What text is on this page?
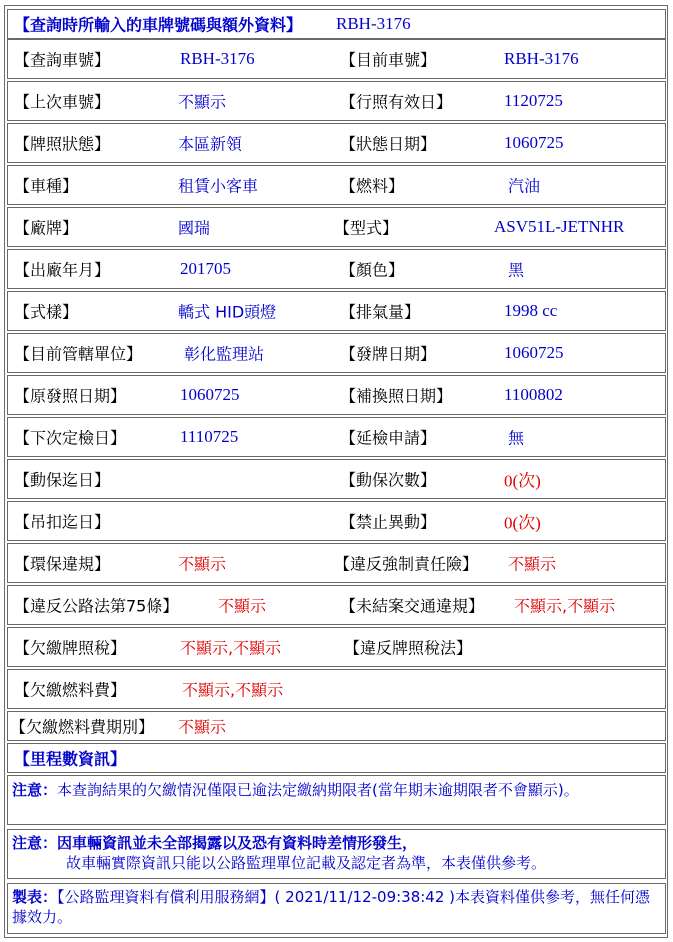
【查詢時所輸入的車牌號碼與額外資料】 RBH-3176
【查詢車號】	RBH-3176	【目前車號】	RBH-3176
【上次車號】	不顯示	【行照有效日】	1120725
【牌照狀態】	本區新領	【狀態日期】	1060725
【車種】	租賃小客車	【燃料】	汽油
【廠牌】	國瑞	【型式】	ASV51L-JETNHR
【出廠年月】	201705	【顏色】	黑
【式樣】	轎式 HID頭燈	【排氣量】	1998 cc
【目前管轄單位】	彰化監理站	【發牌日期】	1060725
【原發照日期】	1060725	【補換照日期】	1100802
【下次定檢日】	1110725	【延檢申請】	無
【動保迄日】	【動保次數】	0(次)
【吊扣迄日】	【禁止異動】	0(次)
【環保違規】	不顯示	【違反強制責任險】 不顯示
【違反公路法第75條】 不顯示	【未結案交通違規】 不顯示,不顯示
【欠繳牌照稅】	不顯示,不顯示	【違反牌照稅法】
【欠繳燃料費】	不顯示,不顯示
【欠繳燃料費期別】 不顯示
【里程數資訊】
注意：本查詢結果的欠繳情況僅限已逾法定繳納期限者(當年期末逾期限者不會顯示)。
注意：因車輛資訊並未全部揭露以及恐有資料時差情形發生，
故車輛實際資訊只能以公路監理單位記載及認定者為準，本表僅供參考。
製表：【公路監理資料有償利用服務網】( 2021/11/12-09:38:42 )本表資料僅供參考，無任何憑據效力。
